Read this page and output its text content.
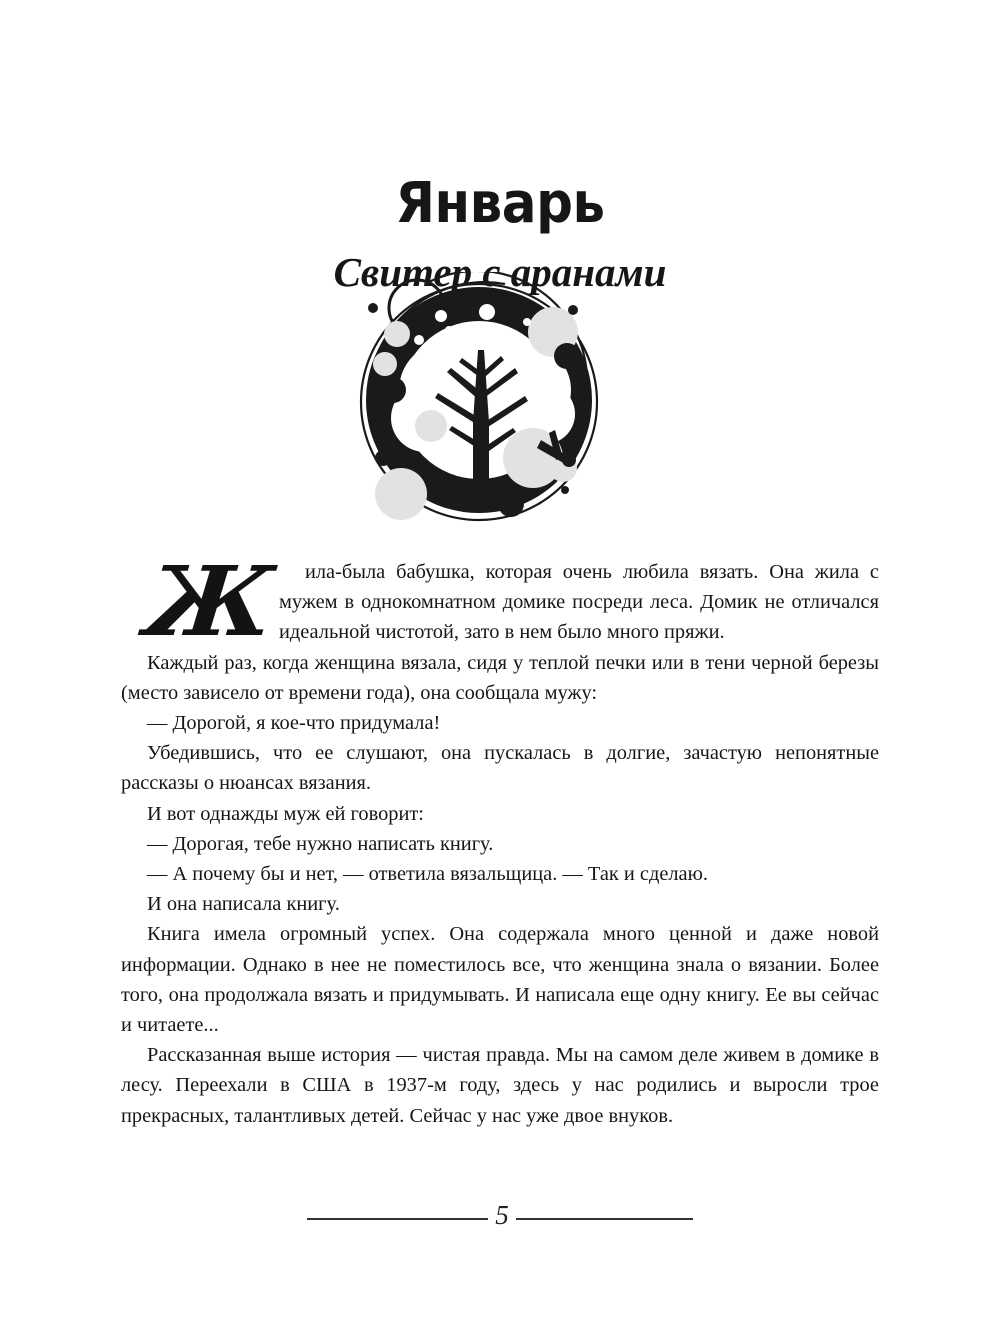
Январь
Свитер с аранами

Ж ила-была бабушка, которая очень любила вязать. Она жила с мужем в однокомнатном домике посреди леса. Домик не отличался идеальной чистотой, зато в нем было много пряжи.

Каждый раз, когда женщина вязала, сидя у теплой печки или в тени черной березы (место зависело от времени года), она сообщала мужу:

— Дорогой, я кое-что придумала!

Убедившись, что ее слушают, она пускалась в долгие, зачастую непонятные рассказы о нюансах вязания.

И вот однажды муж ей говорит:

— Дорогая, тебе нужно написать книгу.

— А почему бы и нет, — ответила вязальщица. — Так и сделаю.

И она написала книгу.

Книга имела огромный успех. Она содержала много ценной и даже новой информации. Однако в нее не поместилось все, что женщина знала о вязании. Более того, она продолжала вязать и придумывать. И написала еще одну книгу. Ее вы сейчас и читаете...

Рассказанная выше история — чистая правда. Мы на самом деле живем в домике в лесу. Переехали в США в 1937-м году, здесь у нас родились и выросли трое прекрасных, талантливых детей. Сейчас у нас уже двое внуков.

5
